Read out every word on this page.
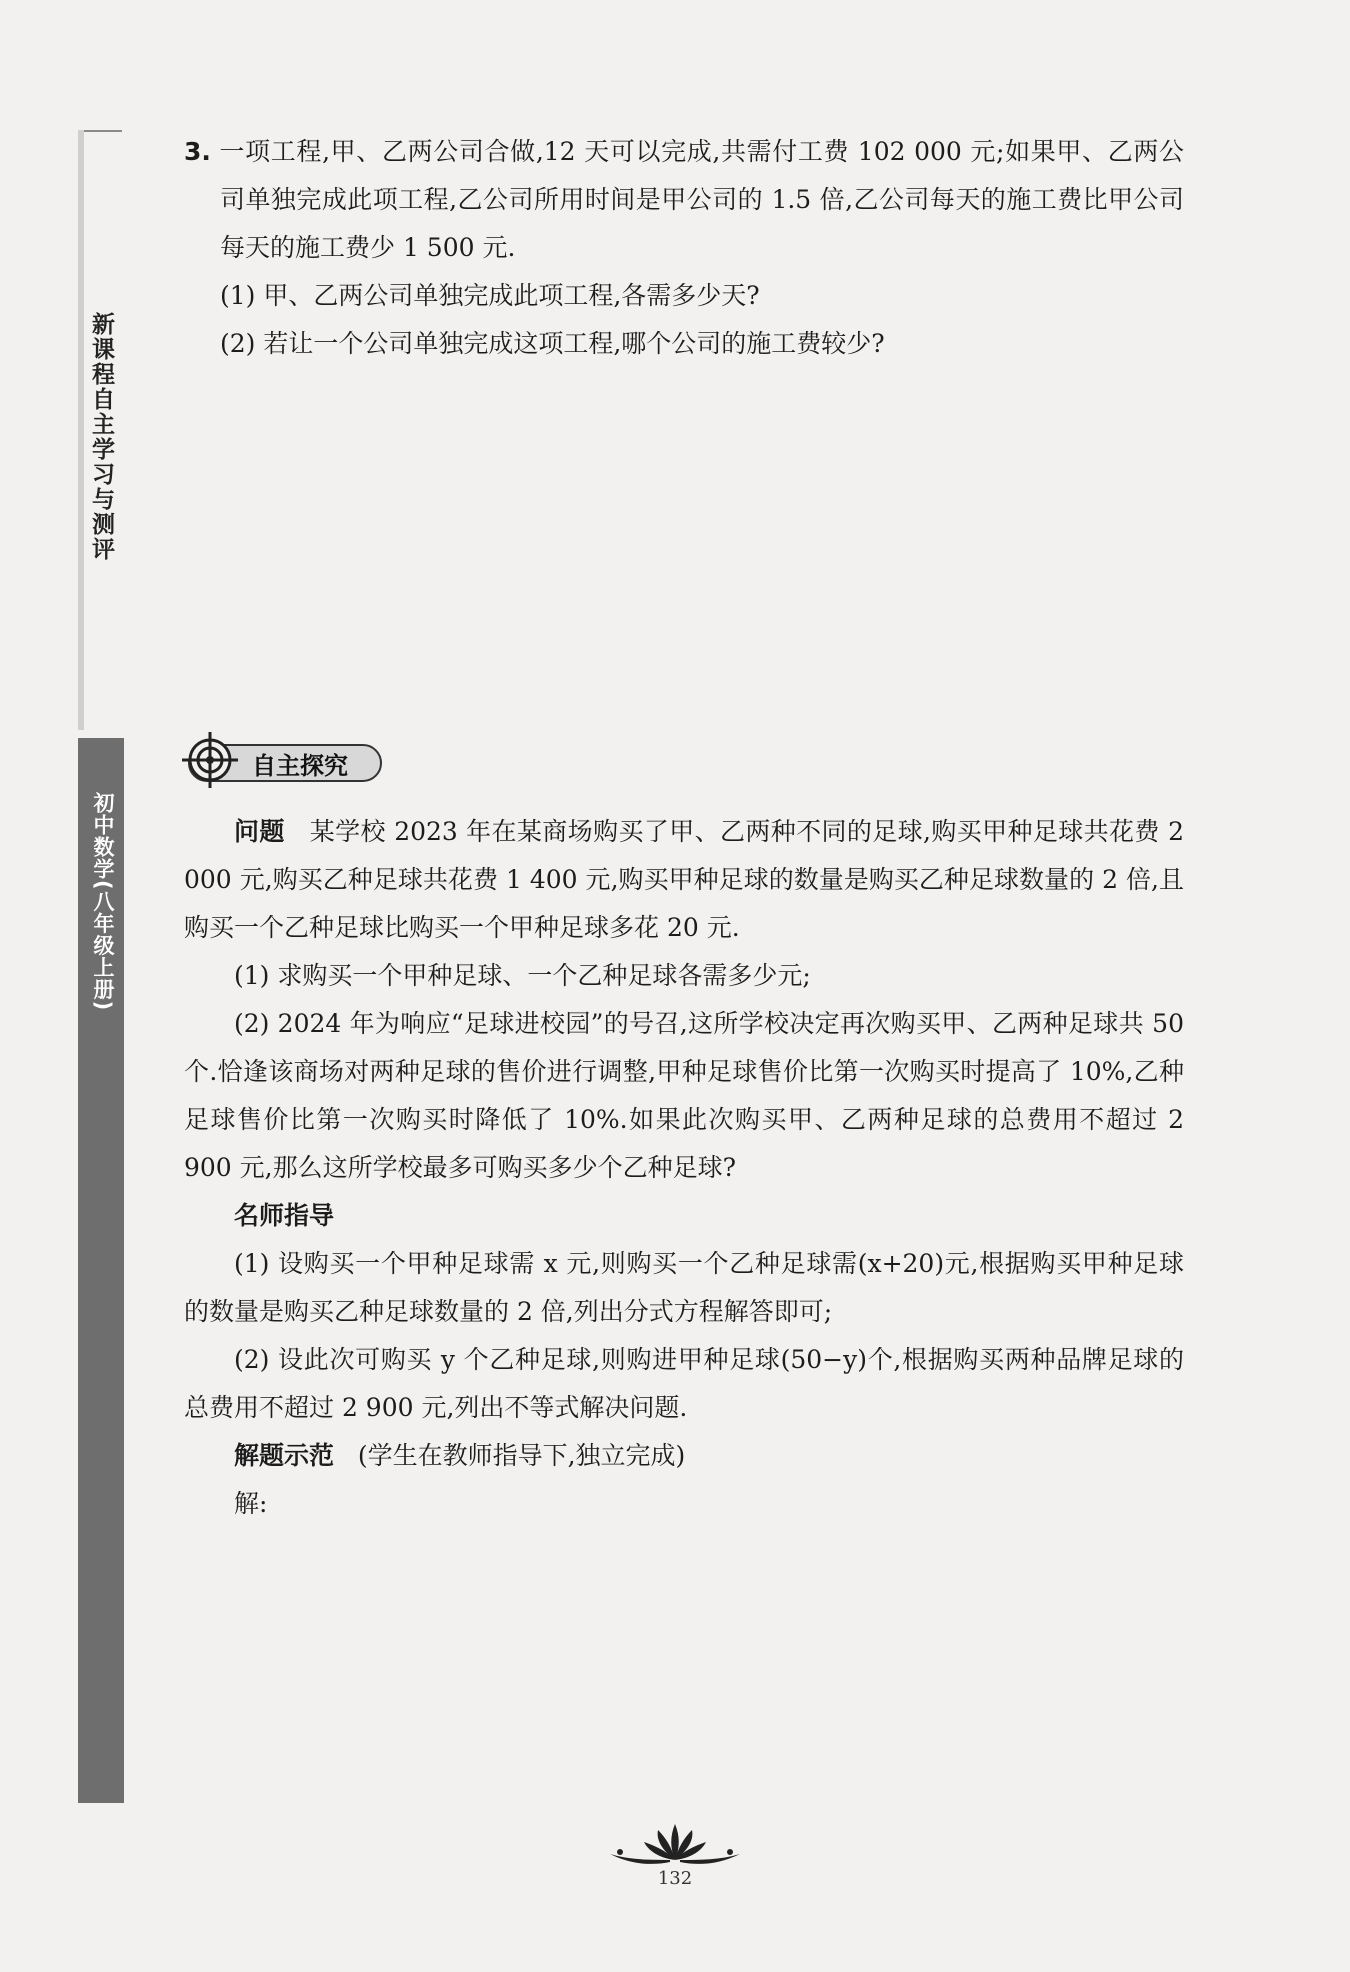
新课程自主学习与测评
初中数学(八年级上册)
3. 一项工程,甲、乙两公司合做,12 天可以完成,共需付工费 102 000 元;如果甲、乙两公司单独完成此项工程,乙公司所用时间是甲公司的 1.5 倍,乙公司每天的施工费比甲公司每天的施工费少 1 500 元.
(1) 甲、乙两公司单独完成此项工程,各需多少天?
(2) 若让一个公司单独完成这项工程,哪个公司的施工费较少?
自主探究
问题 某学校 2023 年在某商场购买了甲、乙两种不同的足球,购买甲种足球共花费 2 000 元,购买乙种足球共花费 1 400 元,购买甲种足球的数量是购买乙种足球数量的 2 倍,且购买一个乙种足球比购买一个甲种足球多花 20 元.
(1) 求购买一个甲种足球、一个乙种足球各需多少元;
(2) 2024 年为响应“足球进校园”的号召,这所学校决定再次购买甲、乙两种足球共 50 个.恰逢该商场对两种足球的售价进行调整,甲种足球售价比第一次购买时提高了 10%,乙种足球售价比第一次购买时降低了 10%.如果此次购买甲、乙两种足球的总费用不超过 2 900 元,那么这所学校最多可购买多少个乙种足球?
名师指导
(1) 设购买一个甲种足球需 x 元,则购买一个乙种足球需(x+20)元,根据购买甲种足球的数量是购买乙种足球数量的 2 倍,列出分式方程解答即可;
(2) 设此次可购买 y 个乙种足球,则购进甲种足球(50−y)个,根据购买两种品牌足球的总费用不超过 2 900 元,列出不等式解决问题.
解题示范 (学生在教师指导下,独立完成)
解:
132
